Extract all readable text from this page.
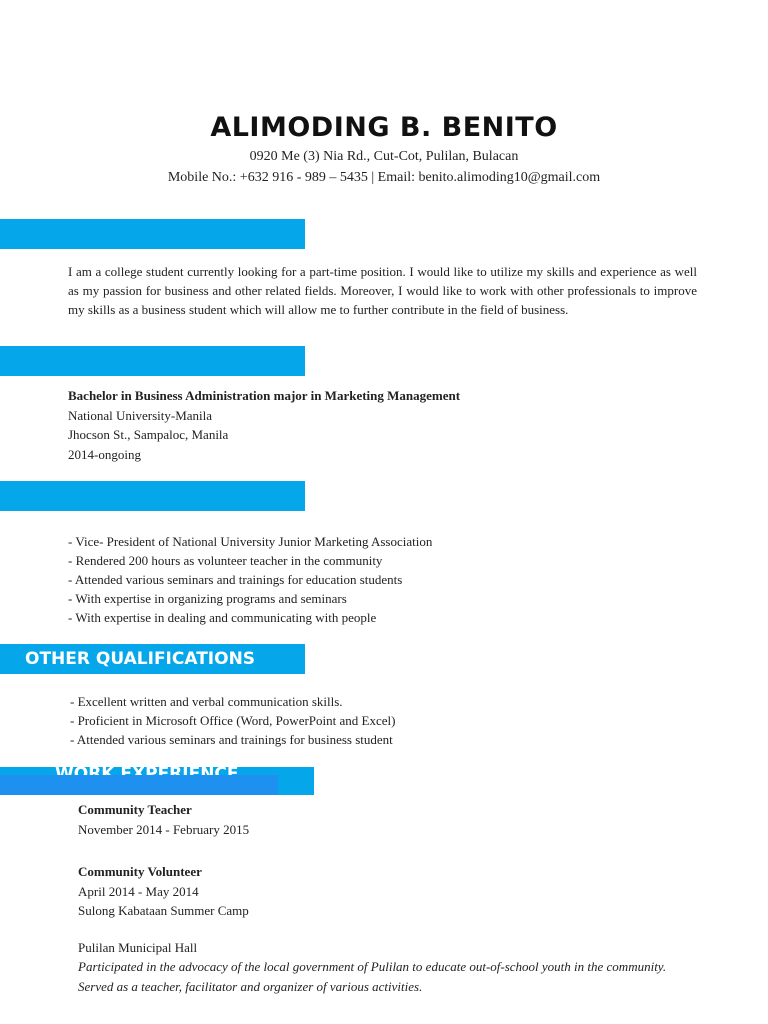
ALIMODING B. BENITO
0920 Me (3) Nia Rd., Cut-Cot, Pulilan, Bulacan
Mobile No.: +632 916 - 989 – 5435 | Email: benito.alimoding10@gmail.com
I am a college student currently looking for a part-time position. I would like to utilize my skills and experience as well as my passion for business and other related fields. Moreover, I would like to work with other professionals to improve my skills as a business student which will allow me to further contribute in the field of business.
Bachelor in Business Administration major in Marketing Management
National University-Manila
Jhocson St., Sampaloc, Manila
2014-ongoing
- Vice- President of National University Junior Marketing Association
- Rendered 200 hours as volunteer teacher in the community
- Attended various seminars and trainings for education students
- With expertise in organizing programs and seminars
- With expertise in dealing and communicating with people
OTHER QUALIFICATIONS
- Excellent written and verbal communication skills.
- Proficient in Microsoft Office (Word, PowerPoint and Excel)
- Attended various seminars and trainings for business student
Community Teacher
November 2014 - February 2015
Community Volunteer
April 2014 - May 2014
Sulong Kabataan Summer Camp
Pulilan Municipal Hall
Participated in the advocacy of the local government of Pulilan to educate out-of-school youth in the community. Served as a teacher, facilitator and organizer of various activities.
